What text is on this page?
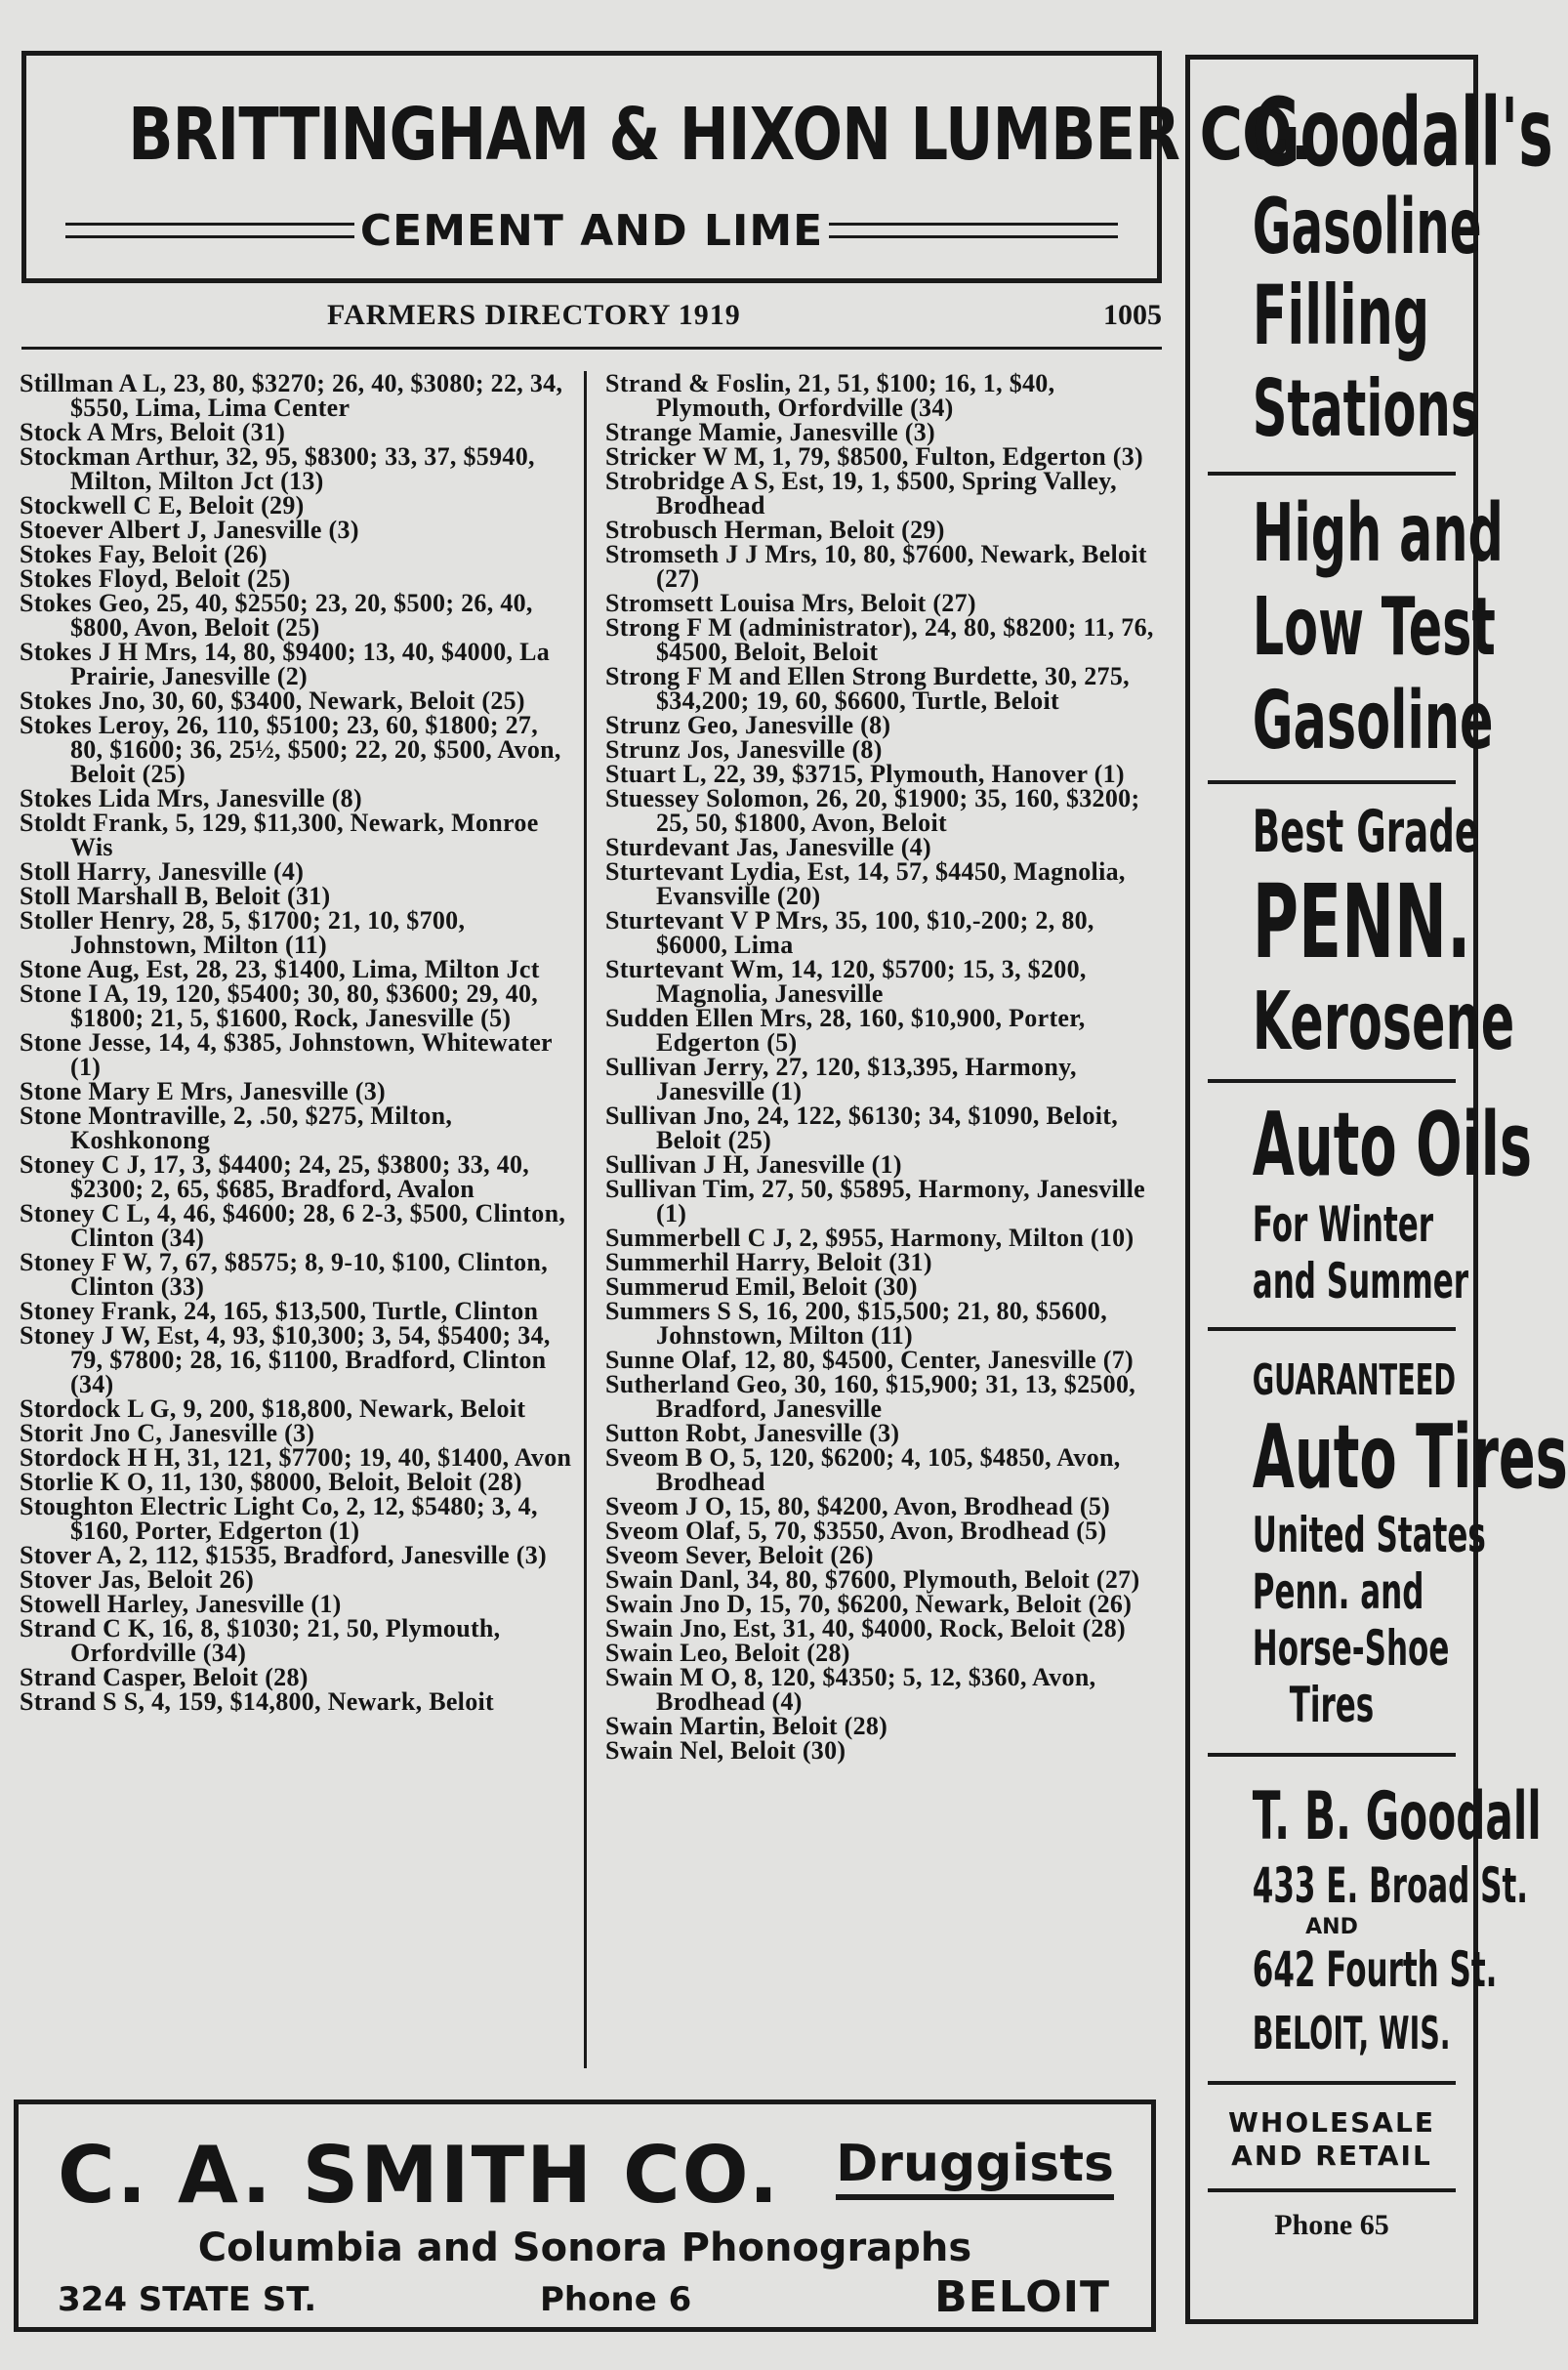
BRITTINGHAM & HIXON LUMBER CO.
CEMENT AND LIME
FARMERS DIRECTORY 1919	1005

Stillman A L, 23, 80, $3270; 26, 40, $3080; 22, 34, $550, Lima, Lima Center

Stock A Mrs, Beloit (31)

Stockman Arthur, 32, 95, $8300; 33, 37, $5940, Milton, Milton Jct (13)

Stockwell C E, Beloit (29)

Stoever Albert J, Janesville (3)

Stokes Fay, Beloit (26)

Stokes Floyd, Beloit (25)

Stokes Geo, 25, 40, $2550; 23, 20, $500; 26, 40, $800, Avon, Beloit (25)

Stokes J H Mrs, 14, 80, $9400; 13, 40, $4000, La Prairie, Janesville (2)

Stokes Jno, 30, 60, $3400, Newark, Beloit (25)

Stokes Leroy, 26, 110, $5100; 23, 60, $1800; 27, 80, $1600; 36, 25½, $500; 22, 20, $500, Avon, Beloit (25)

Stokes Lida Mrs, Janesville (8)

Stoldt Frank, 5, 129, $11,300, Newark, Monroe Wis

Stoll Harry, Janesville (4)

Stoll Marshall B, Beloit (31)

Stoller Henry, 28, 5, $1700; 21, 10, $700, Johnstown, Milton (11)

Stone Aug, Est, 28, 23, $1400, Lima, Milton Jct

Stone I A, 19, 120, $5400; 30, 80, $3600; 29, 40, $1800; 21, 5, $1600, Rock, Janesville (5)

Stone Jesse, 14, 4, $385, Johnstown, Whitewater (1)

Stone Mary E Mrs, Janesville (3)

Stone Montraville, 2, .50, $275, Milton, Koshkonong

Stoney C J, 17, 3, $4400; 24, 25, $3800; 33, 40, $2300; 2, 65, $685, Bradford, Avalon

Stoney C L, 4, 46, $4600; 28, 6 2-3, $500, Clinton, Clinton (34)

Stoney F W, 7, 67, $8575; 8, 9-10, $100, Clinton, Clinton (33)

Stoney Frank, 24, 165, $13,500, Turtle, Clinton

Stoney J W, Est, 4, 93, $10,300; 3, 54, $5400; 34, 79, $7800; 28, 16, $1100, Bradford, Clinton (34)

Stordock L G, 9, 200, $18,800, Newark, Beloit

Storit Jno C, Janesville (3)

Stordock H H, 31, 121, $7700; 19, 40, $1400, Avon

Storlie K O, 11, 130, $8000, Beloit, Beloit (28)

Stoughton Electric Light Co, 2, 12, $5480; 3, 4, $160, Porter, Edgerton (1)

Stover A, 2, 112, $1535, Bradford, Janesville (3)

Stover Jas, Beloit 26)

Stowell Harley, Janesville (1)

Strand C K, 16, 8, $1030; 21, 50, Plymouth, Orfordville (34)

Strand Casper, Beloit (28)

Strand S S, 4, 159, $14,800, Newark, Beloit

Strand & Foslin, 21, 51, $100; 16, 1, $40, Plymouth, Orfordville (34)

Strange Mamie, Janesville (3)

Stricker W M, 1, 79, $8500, Fulton, Edgerton (3)

Strobridge A S, Est, 19, 1, $500, Spring Valley, Brodhead

Strobusch Herman, Beloit (29)

Stromseth J J Mrs, 10, 80, $7600, Newark, Beloit (27)

Stromsett Louisa Mrs, Beloit (27)

Strong F M (administrator), 24, 80, $8200; 11, 76, $4500, Beloit, Beloit

Strong F M and Ellen Strong Burdette, 30, 275, $34,200; 19, 60, $6600, Turtle, Beloit

Strunz Geo, Janesville (8)

Strunz Jos, Janesville (8)

Stuart L, 22, 39, $3715, Plymouth, Hanover (1)

Stuessey Solomon, 26, 20, $1900; 35, 160, $3200; 25, 50, $1800, Avon, Beloit

Sturdevant Jas, Janesville (4)

Sturtevant Lydia, Est, 14, 57, $4450, Magnolia, Evansville (20)

Sturtevant V P Mrs, 35, 100, $10,-200; 2, 80, $6000, Lima

Sturtevant Wm, 14, 120, $5700; 15, 3, $200, Magnolia, Janesville

Sudden Ellen Mrs, 28, 160, $10,900, Porter, Edgerton (5)

Sullivan Jerry, 27, 120, $13,395, Harmony, Janesville (1)

Sullivan Jno, 24, 122, $6130; 34, $1090, Beloit, Beloit (25)

Sullivan J H, Janesville (1)

Sullivan Tim, 27, 50, $5895, Harmony, Janesville (1)

Summerbell C J, 2, $955, Harmony, Milton (10)

Summerhil Harry, Beloit (31)

Summerud Emil, Beloit (30)

Summers S S, 16, 200, $15,500; 21, 80, $5600, Johnstown, Milton (11)

Sunne Olaf, 12, 80, $4500, Center, Janesville (7)

Sutherland Geo, 30, 160, $15,900; 31, 13, $2500, Bradford, Janesville

Sutton Robt, Janesville (3)

Sveom B O, 5, 120, $6200; 4, 105, $4850, Avon, Brodhead

Sveom J O, 15, 80, $4200, Avon, Brodhead (5)

Sveom Olaf, 5, 70, $3550, Avon, Brodhead (5)

Sveom Sever, Beloit (26)

Swain Danl, 34, 80, $7600, Plymouth, Beloit (27)

Swain Jno D, 15, 70, $6200, Newark, Beloit (26)

Swain Jno, Est, 31, 40, $4000, Rock, Beloit (28)

Swain Leo, Beloit (28)

Swain M O, 8, 120, $4350; 5, 12, $360, Avon, Brodhead (4)

Swain Martin, Beloit (28)

Swain Nel, Beloit (30)

C. A. SMITH CO. Druggists
Columbia and Sonora Phonographs
324 STATE ST.	Phone 6	BELOIT
Goodall's
Gasoline
Filling
Stations
High and
Low Test
Gasoline
Best Grade
PENN.
Kerosene
Auto Oils
For Winter
and Summer
GUARANTEED
Auto Tires
United States
Penn. and
Horse-Shoe
Tires
T. B. Goodall
433 E. Broad St.
AND
642 Fourth St.
BELOIT, WIS.
WHOLESALE
AND RETAIL
Phone 65
